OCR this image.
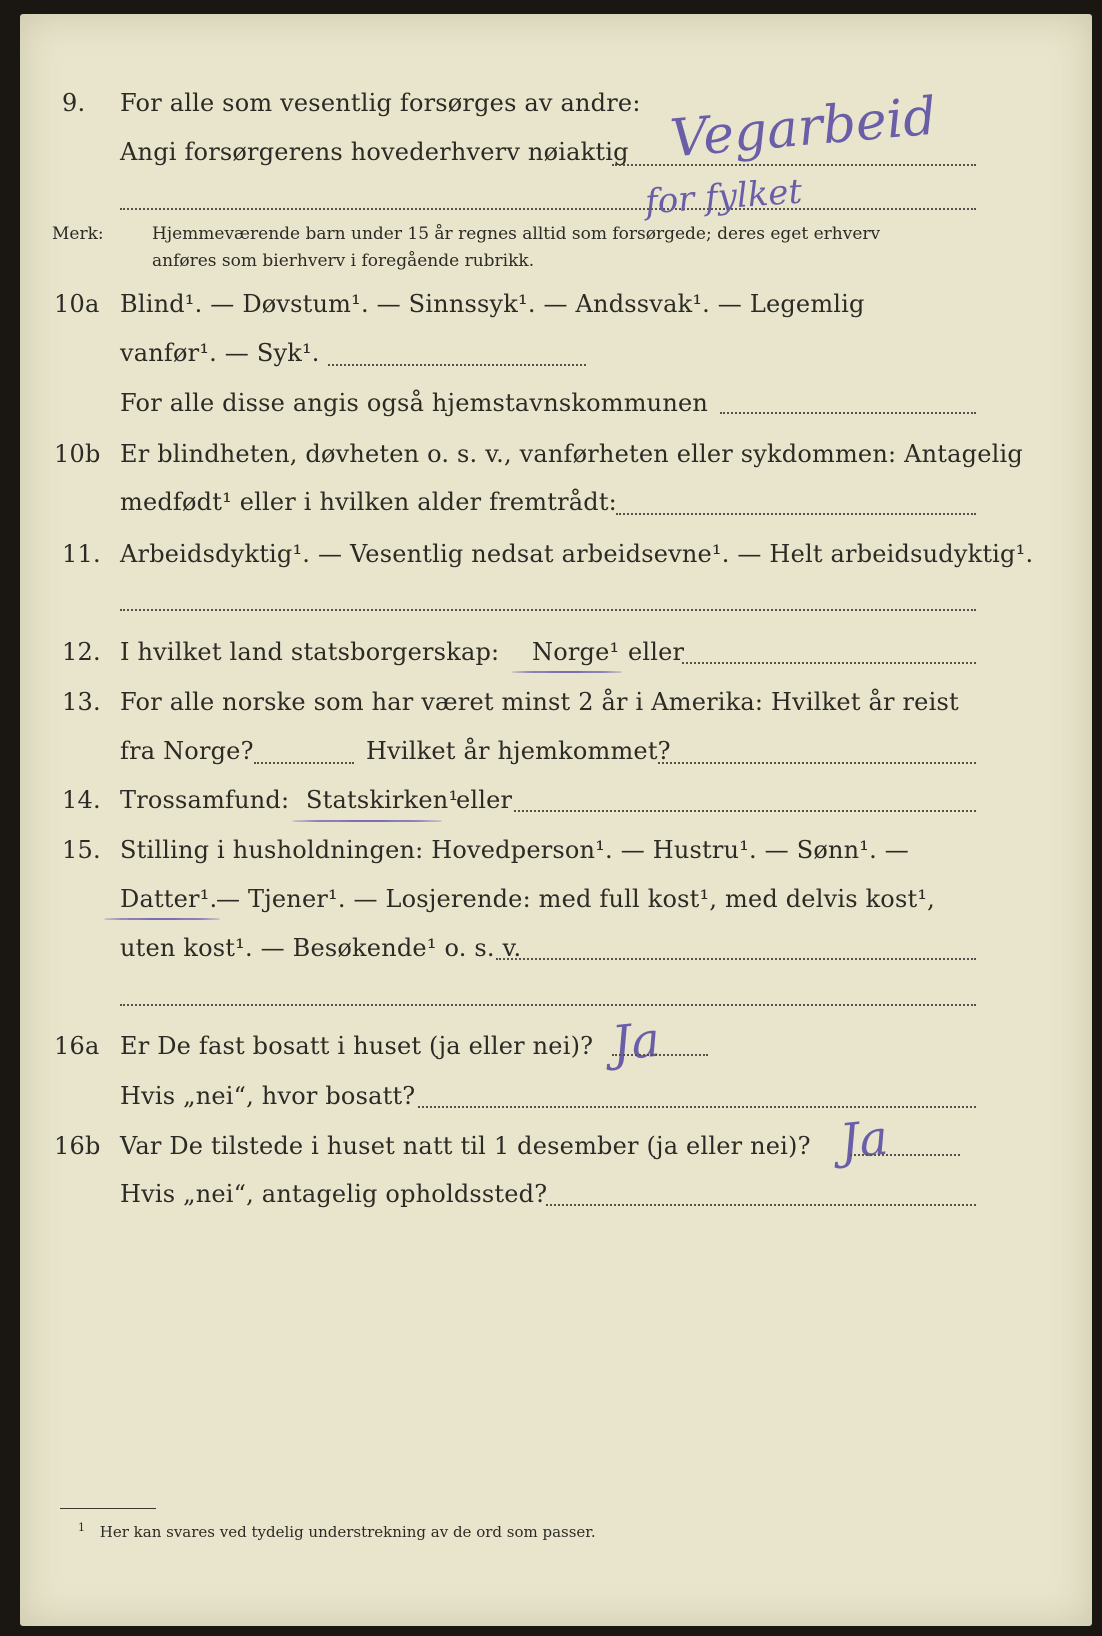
9. For alle som vesentlig forsørges av andre:
Angi forsørgerens hovederhverv nøiaktig Vegarbeid
for fylket
Merk:	Hjemmeværende barn under 15 år regnes alltid som forsørgede; deres eget erhverv
anføres som bierhverv i foregående rubrikk.
10a Blind¹. — Døvstum¹. — Sinnssyk¹. — Andssvak¹. — Legemlig
vanfør¹. — Syk¹.
For alle disse angis også hjemstavnskommunen
10b Er blindheten, døvheten o. s. v., vanførheten eller sykdommen: Antagelig
medfødt¹ eller i hvilken alder fremtrådt:
11. Arbeidsdyktig¹. — Vesentlig nedsat arbeidsevne¹. — Helt arbeidsudyktig¹.
12. I hvilket land statsborgerskap: Norge¹ eller
13. For alle norske som har været minst 2 år i Amerika: Hvilket år reist
fra Norge?	Hvilket år hjemkommet?
14. Trossamfund: Statskirken¹
eller
15. Stilling i husholdningen: Hovedperson¹. — Hustru¹. — Sønn¹. —
Datter¹.
— Tjener¹. — Losjerende: med full kost¹, med delvis kost¹,
uten kost¹. — Besøkende¹ o. s. v.
16a Er De fast bosatt i huset (ja eller nei)? Ja
Hvis „nei“, hvor bosatt?
16b Var De tilstede i huset natt til 1 desember (ja eller nei)? Ja
Hvis „nei“, antagelig opholdssted?
$^1$ Her kan svares ved tydelig understrekning av de ord som passer.
